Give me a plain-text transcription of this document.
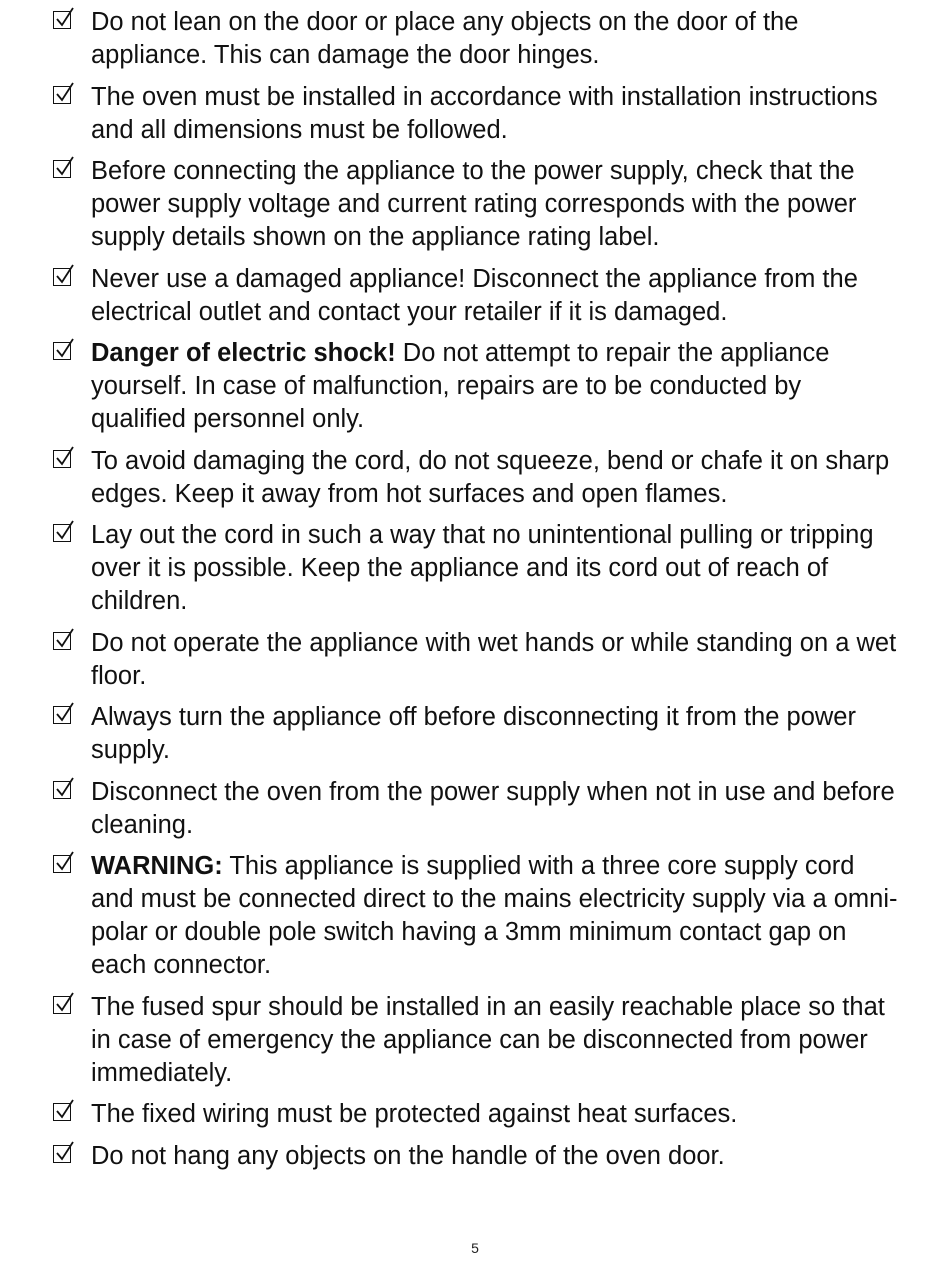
Do not lean on the door or place any objects on the door of the appliance. This can damage the door hinges.
The oven must be installed in accordance with installation instructions and all dimensions must be followed.
Before connecting the appliance to the power supply, check that the power supply voltage and current rating corresponds with the power supply details shown on the appliance rating label.
Never use a damaged appliance! Disconnect the appliance from the electrical outlet and contact your retailer if it is damaged.
Danger of electric shock! Do not attempt to repair the appliance yourself. In case of malfunction, repairs are to be conducted by qualified personnel only.
To avoid damaging the cord, do not squeeze, bend or chafe it on sharp edges. Keep it away from hot surfaces and open flames.
Lay out the cord in such a way that no unintentional pulling or tripping over it is possible. Keep the appliance and its cord out of reach of children.
Do not operate the appliance with wet hands or while standing on a wet floor.
Always turn the appliance off before disconnecting it from the power supply.
Disconnect the oven from the power supply when not in use and before cleaning.
WARNING: This appliance is supplied with a three core supply cord and must be connected direct to the mains electricity supply via a omni-polar or double pole switch having a 3mm minimum contact gap on each connector.
The fused spur should be installed in an easily reachable place so that in case of emergency the appliance can be disconnected from power immediately.
The fixed wiring must be protected against heat surfaces.
Do not hang any objects on the handle of the oven door.
5
